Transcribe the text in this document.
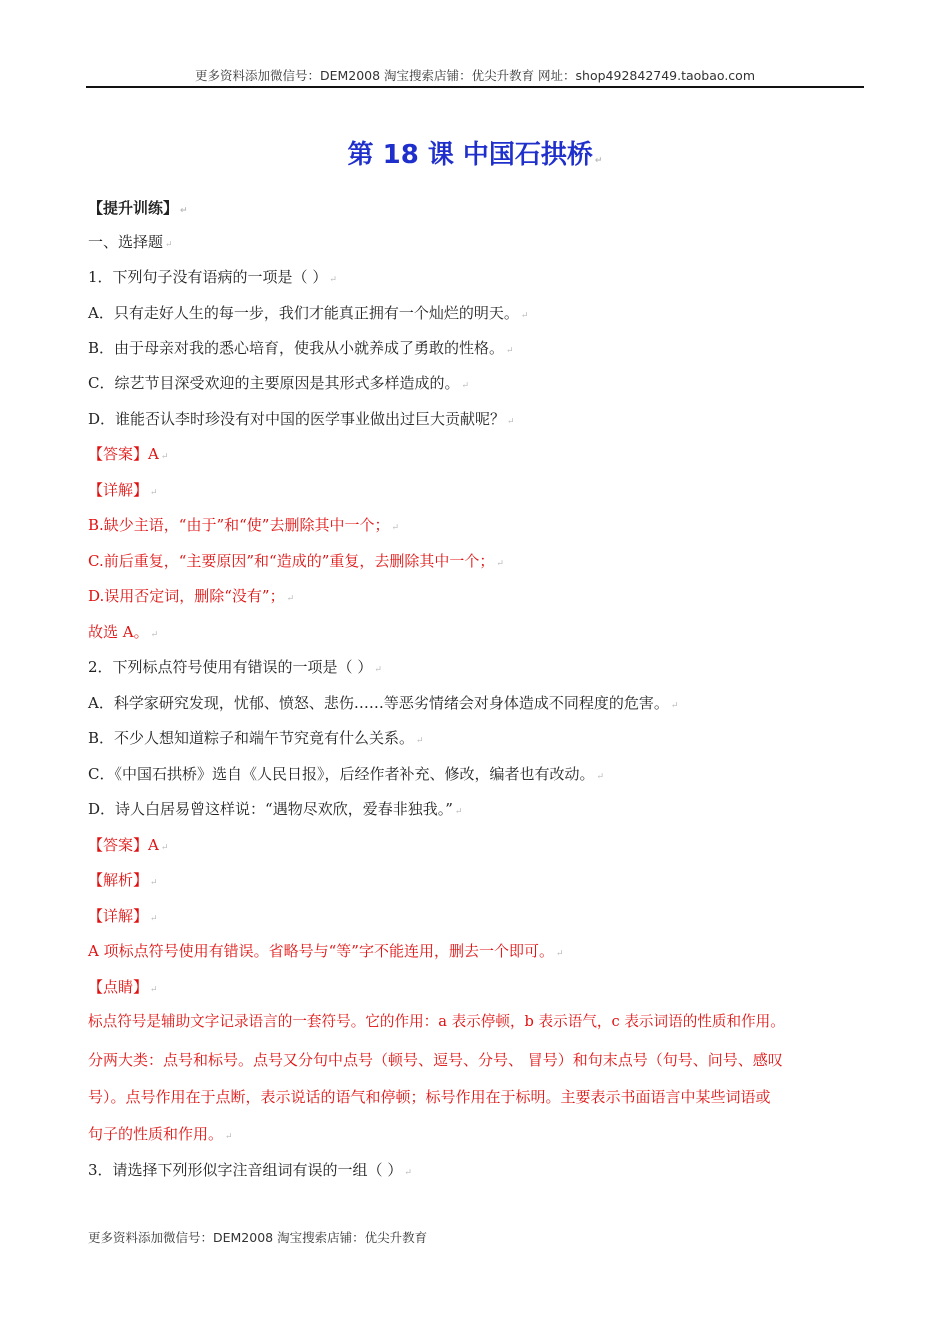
更多资料添加微信号：DEM2008 淘宝搜索店铺：优尖升教育 网址：shop492842749.taobao.com
第 18 课 中国石拱桥 ↵
【提升训练】 ↵
一、选择题 ↵
1．下列句子没有语病的一项是（ ） ↵
A．只有走好人生的每一步，我们才能真正拥有一个灿烂的明天。 ↵
B．由于母亲对我的悉心培育，使我从小就养成了勇敢的性格。 ↵
C．综艺节目深受欢迎的主要原因是其形式多样造成的。 ↵
D．谁能否认李时珍没有对中国的医学事业做出过巨大贡献呢？ ↵
【答案】A ↵
【详解】 ↵
B.缺少主语，“由于”和“使”去删除其中一个； ↵
C.前后重复，“主要原因”和“造成的”重复，去删除其中一个； ↵
D.误用否定词，删除“没有”； ↵
故选 A。 ↵
2．下列标点符号使用有错误的一项是（ ） ↵
A．科学家研究发现，忧郁、愤怒、悲伤……等恶劣情绪会对身体造成不同程度的危害。 ↵
B．不少人想知道粽子和端午节究竟有什么关系。 ↵
C．《中国石拱桥》选自《人民日报》，后经作者补充、修改，编者也有改动。 ↵
D．诗人白居易曾这样说：“遇物尽欢欣，爱春非独我。” ↵
【答案】A ↵
【解析】 ↵
【详解】 ↵
A 项标点符号使用有错误。省略号与“等”字不能连用，删去一个即可。 ↵
【点睛】 ↵
标点符号是辅助文字记录语言的一套符号。它的作用：a 表示停顿，b 表示语气，c 表示词语的性质和作用。
分两大类：点号和标号。点号又分句中点号（顿号、逗号、分号、 冒号）和句末点号（句号、问号、感叹
号）。点号作用在于点断，表示说话的语气和停顿；标号作用在于标明。主要表示书面语言中某些词语或
句子的性质和作用。 ↵
3．请选择下列形似字注音组词有误的一组（ ） ↵
更多资料添加微信号：DEM2008 淘宝搜索店铺：优尖升教育
